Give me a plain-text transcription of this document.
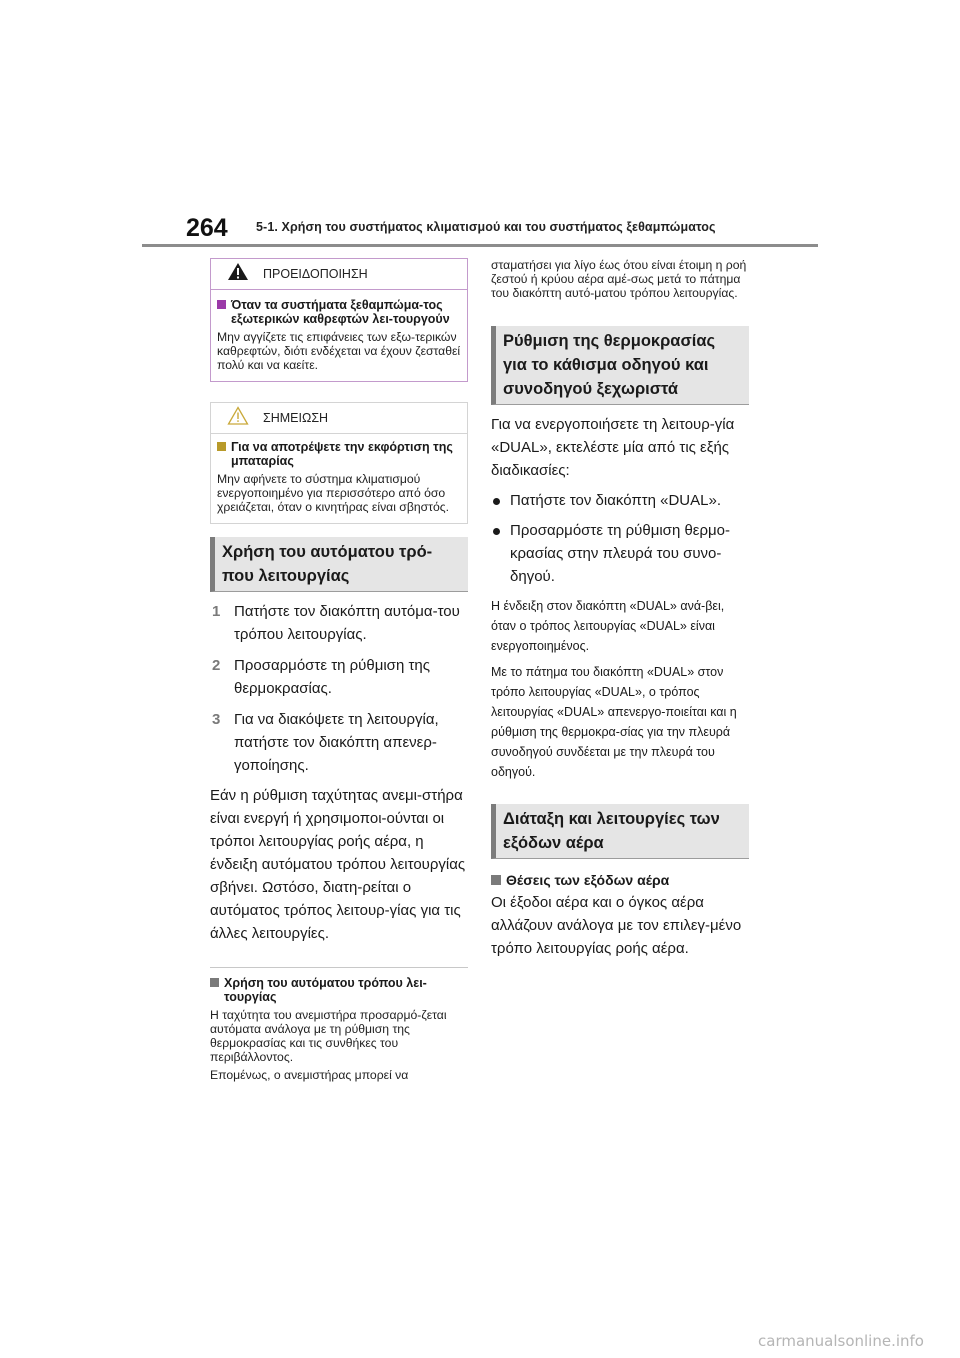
264 5-1. Χρήση του συστήματος κλιματισμού και του συστήματος ξεθαμπώματος
ΠΡΟΕΙΔΟΠΟΙΗΣΗ
Όταν τα συστήματα ξεθαμπώμα-τος εξωτερικών καθρεφτών λει-τουργούν
Μην αγγίζετε τις επιφάνειες των εξω-τερικών καθρεφτών, διότι ενδέχεται να έχουν ζεσταθεί πολύ και να καείτε.
ΣΗΜΕΙΩΣΗ
Για να αποτρέψετε την εκφόρτιση της μπαταρίας
Μην αφήνετε το σύστημα κλιματισμού ενεργοποιημένο για περισσότερο από όσο χρειάζεται, όταν ο κινητήρας είναι σβηστός.
Χρήση του αυτόματου τρό-που λειτουργίας
1 Πατήστε τον διακόπτη αυτόμα-του τρόπου λειτουργίας.
2 Προσαρμόστε τη ρύθμιση της θερμοκρασίας.
3 Για να διακόψετε τη λειτουργία, πατήστε τον διακόπτη απενερ-γοποίησης.
Εάν η ρύθμιση ταχύτητας ανεμι-στήρα είναι ενεργή ή χρησιμοποι-ούνται οι τρόποι λειτουργίας ροής αέρα, η ένδειξη αυτόματου τρόπου λειτουργίας σβήνει. Ωστόσο, διατη-ρείται ο αυτόματος τρόπος λειτουρ-γίας για τις άλλες λειτουργίες.
Χρήση του αυτόματου τρόπου λει-τουργίας
Η ταχύτητα του ανεμιστήρα προσαρμό-ζεται αυτόματα ανάλογα με τη ρύθμιση της θερμοκρασίας και τις συνθήκες του περιβάλλοντος.
Επομένως, ο ανεμιστήρας μπορεί να
σταματήσει για λίγο έως ότου είναι έτοιμη η ροή ζεστού ή κρύου αέρα αμέ-σως μετά το πάτημα του διακόπτη αυτό-ματου τρόπου λειτουργίας.
Ρύθμιση της θερμοκρασίας για το κάθισμα οδηγού και συνοδηγού ξεχωριστά
Για να ενεργοποιήσετε τη λειτουρ-γία «DUAL», εκτελέστε μία από τις εξής διαδικασίες:
Πατήστε τον διακόπτη «DUAL».
Προσαρμόστε τη ρύθμιση θερμο-κρασίας στην πλευρά του συνο-δηγού.
Η ένδειξη στον διακόπτη «DUAL» ανά-βει, όταν ο τρόπος λειτουργίας «DUAL» είναι ενεργοποιημένος.
Με το πάτημα του διακόπτη «DUAL» στον τρόπο λειτουργίας «DUAL», ο τρόπος λειτουργίας «DUAL» απενεργο-ποιείται και η ρύθμιση της θερμοκρα-σίας για την πλευρά συνοδηγού συνδέεται με την πλευρά του οδηγού.
Διάταξη και λειτουργίες των εξόδων αέρα
Θέσεις των εξόδων αέρα
Οι έξοδοι αέρα και ο όγκος αέρα αλλάζουν ανάλογα με τον επιλεγ-μένο τρόπο λειτουργίας ροής αέρα.
carmanualsonline.info
